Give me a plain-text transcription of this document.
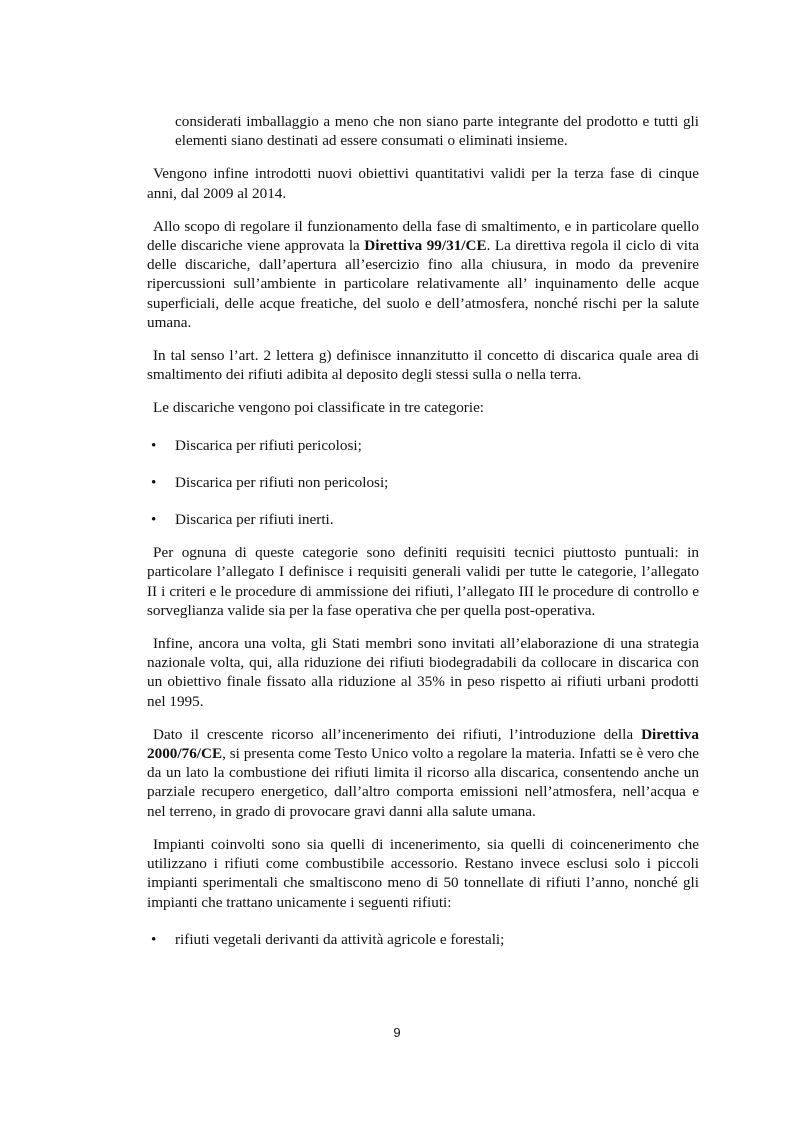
considerati imballaggio a meno che non siano parte integrante del prodotto e tutti gli elementi siano destinati ad essere consumati o eliminati insieme.

Vengono infine introdotti nuovi obiettivi quantitativi validi per la terza fase di cinque anni, dal 2009 al 2014.

Allo scopo di regolare il funzionamento della fase di smaltimento, e in particolare quello delle discariche viene approvata la Direttiva 99/31/CE. La direttiva regola il ciclo di vita delle discariche, dall’apertura all’esercizio fino alla chiusura, in modo da prevenire ripercussioni sull’ambiente in particolare relativamente all’ inquinamento delle acque superficiali, delle acque freatiche, del suolo e dell’atmosfera, nonché rischi per la salute umana.

In tal senso l’art. 2 lettera g) definisce innanzitutto il concetto di discarica quale area di smaltimento dei rifiuti adibita al deposito degli stessi sulla o nella terra.

Le discariche vengono poi classificate in tre categorie:

• Discarica per rifiuti pericolosi;
• Discarica per rifiuti non pericolosi;
• Discarica per rifiuti inerti.

Per ognuna di queste categorie sono definiti requisiti tecnici piuttosto puntuali: in particolare l’allegato I definisce i requisiti generali validi per tutte le categorie, l’allegato II i criteri e le procedure di ammissione dei rifiuti, l’allegato III le procedure di controllo e sorveglianza valide sia per la fase operativa che per quella post-operativa.

Infine, ancora una volta, gli Stati membri sono invitati all’elaborazione di una strategia nazionale volta, qui, alla riduzione dei rifiuti biodegradabili da collocare in discarica con un obiettivo finale fissato alla riduzione al 35% in peso rispetto ai rifiuti urbani prodotti nel 1995.

Dato il crescente ricorso all’incenerimento dei rifiuti, l’introduzione della Direttiva 2000/76/CE, si presenta come Testo Unico volto a regolare la materia. Infatti se è vero che da un lato la combustione dei rifiuti limita il ricorso alla discarica, consentendo anche un parziale recupero energetico, dall’altro comporta emissioni nell’atmosfera, nell’acqua e nel terreno, in grado di provocare gravi danni alla salute umana.

Impianti coinvolti sono sia quelli di incenerimento, sia quelli di coincenerimento che utilizzano i rifiuti come combustibile accessorio. Restano invece esclusi solo i piccoli impianti sperimentali che smaltiscono meno di 50 tonnellate di rifiuti l’anno, nonché gli impianti che trattano unicamente i seguenti rifiuti:

• rifiuti vegetali derivanti da attività agricole e forestali;
9
